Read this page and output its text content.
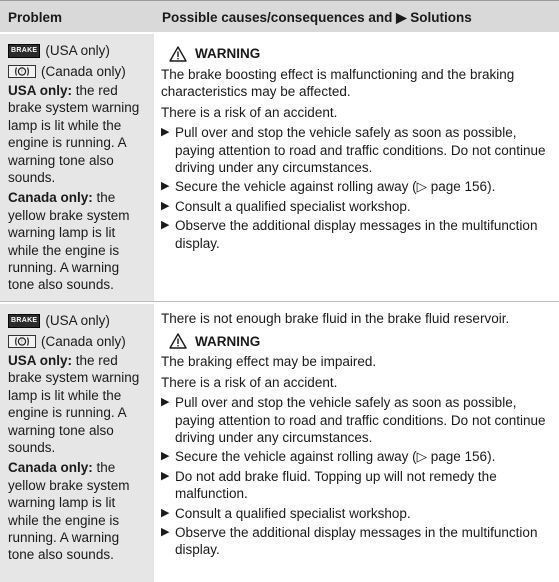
Problem	Possible causes/consequences and ▶ Solutions
BRAKE (USA only)
! (Canada only)

USA only: the red brake system warning lamp is lit while the engine is running. A warning tone also sounds.

Canada only: the yellow brake system warning lamp is lit while the engine is running. A warning tone also sounds.

WARNING

The brake boosting effect is malfunctioning and the braking characteristics may be affected.

There is a risk of an accident.

▶ Pull over and stop the vehicle safely as soon as possible, paying attention to road and traffic conditions. Do not continue driving under any circumstances.
▶ Secure the vehicle against rolling away (▷ page 156).
▶ Consult a qualified specialist workshop.
▶ Observe the additional display messages in the multifunction display.
BRAKE (USA only)
! (Canada only)

USA only: the red brake system warning lamp is lit while the engine is running. A warning tone also sounds.

Canada only: the yellow brake system warning lamp is lit while the engine is running. A warning tone also sounds.

There is not enough brake fluid in the brake fluid reservoir.

WARNING

The braking effect may be impaired.

There is a risk of an accident.

▶ Pull over and stop the vehicle safely as soon as possible, paying attention to road and traffic conditions. Do not continue driving under any circumstances.
▶ Secure the vehicle against rolling away (▷ page 156).
▶ Do not add brake fluid. Topping up will not remedy the malfunction.
▶ Consult a qualified specialist workshop.
▶ Observe the additional display messages in the multifunction display.
